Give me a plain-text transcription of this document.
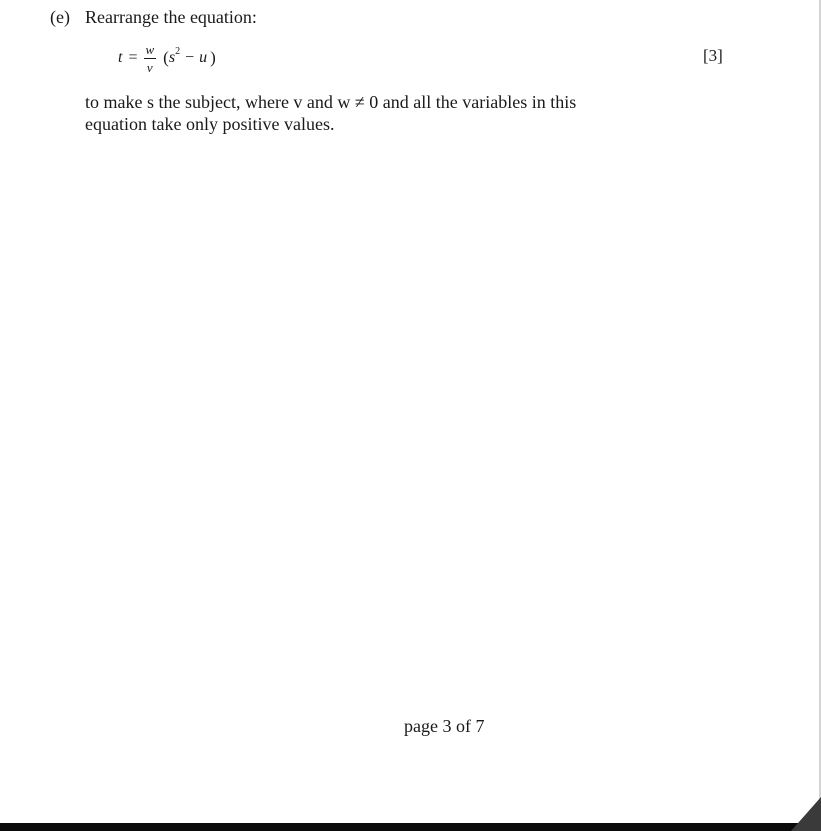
(e) Rearrange the equation:
$t = \frac{w}{v}$ ( s 2 − u )	[3]
to make s the subject, where v and w ≠ 0 and all the variables in this
equation take only positive values.
page 3 of 7
